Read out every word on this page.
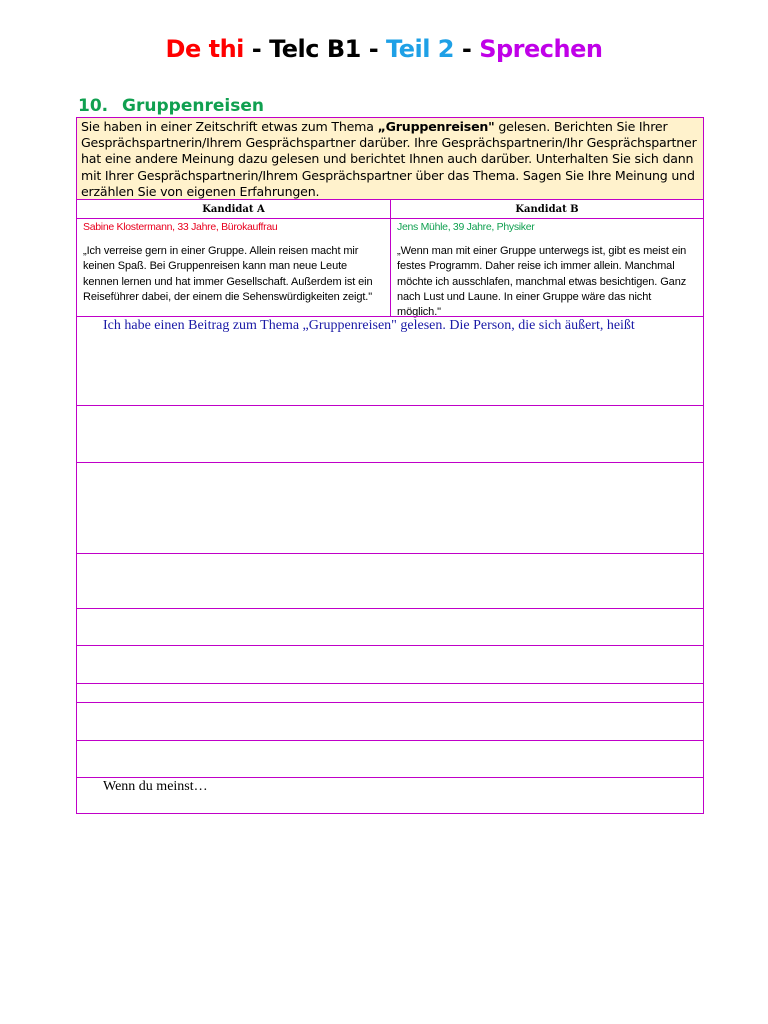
De thi - Telc B1 - Teil 2 - Sprechen
10. Gruppenreisen
Sie haben in einer Zeitschrift etwas zum Thema „Gruppenreisen" gelesen. Berichten Sie Ihrer Gesprächspartnerin/Ihrem Gesprächspartner darüber. Ihre Gesprächspartnerin/Ihr Gesprächspartner hat eine andere Meinung dazu gelesen und berichtet Ihnen auch darüber. Unterhalten Sie sich dann mit Ihrer Gesprächspartnerin/Ihrem Gesprächspartner über das Thema. Sagen Sie Ihre Meinung und erzählen Sie von eigenen Erfahrungen.
Kandidat A	Kandidat B
Sabine Klostermann, 33 Jahre, Bürokauffrau
„Ich verreise gern in einer Gruppe. Allein reisen macht mir keinen Spaß. Bei Gruppenreisen kann man neue Leute kennen lernen und hat immer Gesellschaft. Außerdem ist ein Reiseführer dabei, der einem die Sehenswürdigkeiten zeigt."
Jens Mühle, 39 Jahre, Physiker
„Wenn man mit einer Gruppe unterwegs ist, gibt es meist ein festes Programm. Daher reise ich immer allein. Manchmal möchte ich ausschlafen, manchmal etwas besichtigen. Ganz nach Lust und Laune. In einer Gruppe wäre das nicht möglich."
Ich habe einen Beitrag zum Thema „Gruppenreisen" gelesen. Die Person, die sich äußert, heißt
Wenn du meinst…
